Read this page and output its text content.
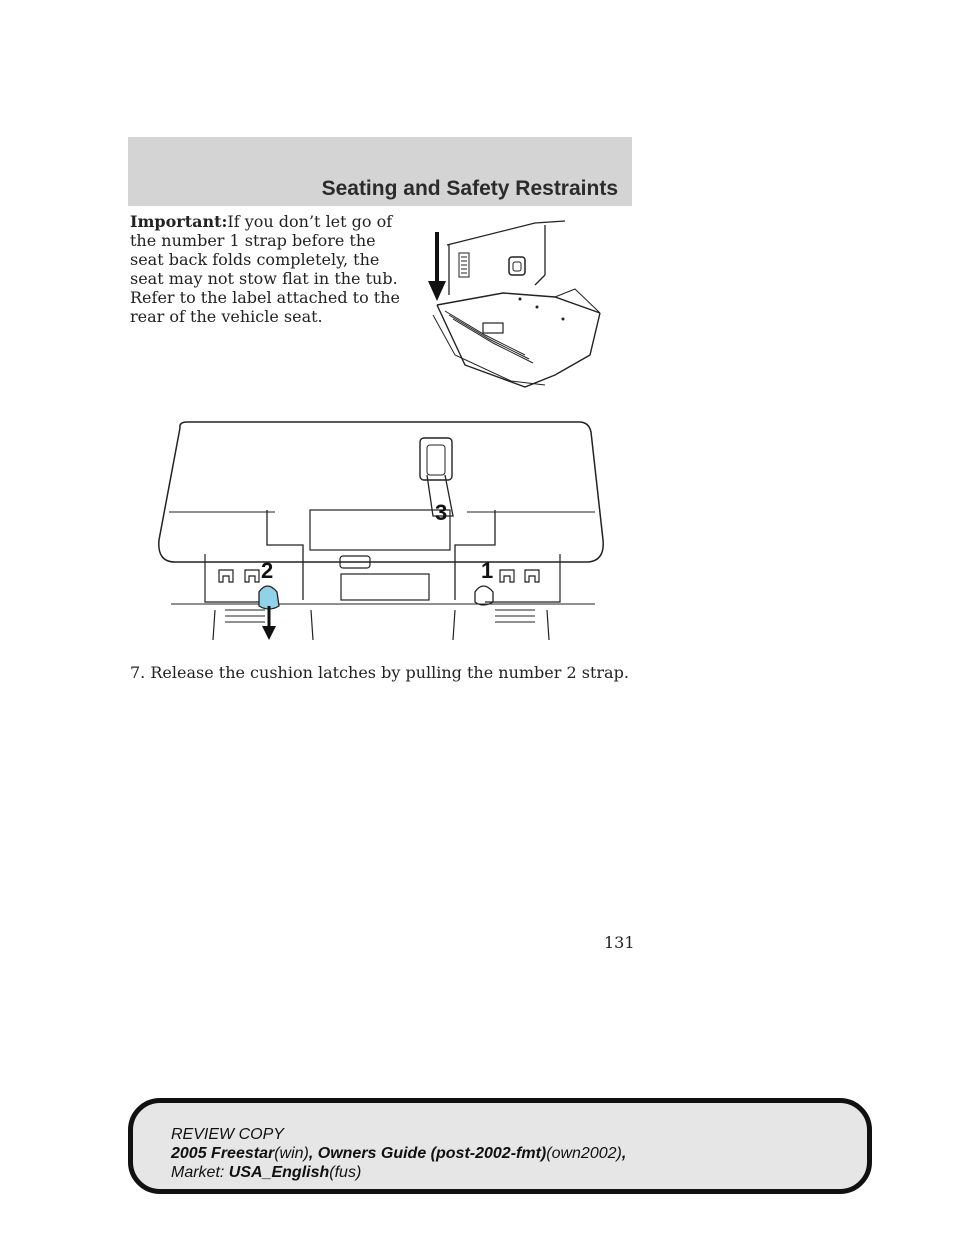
Seating and Safety Restraints
Important:If you don’t let go of the number 1 strap before the seat back folds completely, the seat may not stow flat in the tub. Refer to the label attached to the rear of the vehicle seat.
2	1
3
7. Release the cushion latches by pulling the number 2 strap.
131
REVIEW COPY
2005 Freestar(win), Owners Guide (post-2002-fmt)(own2002),
Market: USA_English(fus)
